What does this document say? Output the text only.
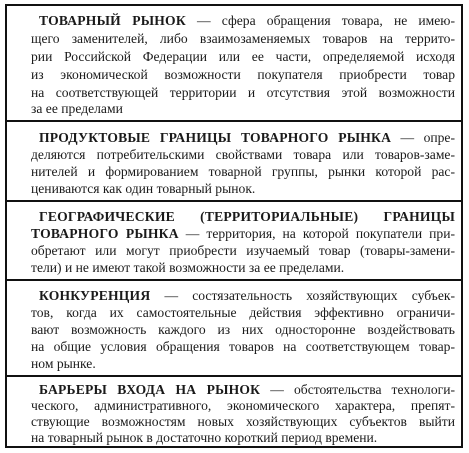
ТОВАРНЫЙ РЫНОК — сфера обращения товара, не имею-
щего заменителей, либо взаимозаменяемых товаров на террито-
рии Российской Федерации или ее части, определяемой исходя
из экономической возможности покупателя приобрести товар
на соответствующей территории и отсутствия этой возможности
за ее пределами
ПРОДУКТОВЫЕ ГРАНИЦЫ ТОВАРНОГО РЫНКА — опре-
деляются потребительскими свойствами товара или товаров-заме-
нителей и формированием товарной группы, рынки которой рас-
цениваются как один товарный рынок.
ГЕОГРАФИЧЕСКИЕ (ТЕРРИТОРИАЛЬНЫЕ) ГРАНИЦЫ
ТОВАРНОГО РЫНКА — территория, на которой покупатели при-
обретают или могут приобрести изучаемый товар (товары-замени-
тели) и не имеют такой возможности за ее пределами.
КОНКУРЕНЦИЯ — состязательность хозяйствующих субъек-
тов, когда их самостоятельные действия эффективно ограничи-
вают возможность каждого из них односторонне воздействовать
на общие условия обращения товаров на соответствующем товар-
ном рынке.
БАРЬЕРЫ ВХОДА НА РЫНОК — обстоятельства технологи-
ческого, административного, экономического характера, препят-
ствующие возможностям новых хозяйствующих субъектов выйти
на товарный рынок в достаточно короткий период времени.
